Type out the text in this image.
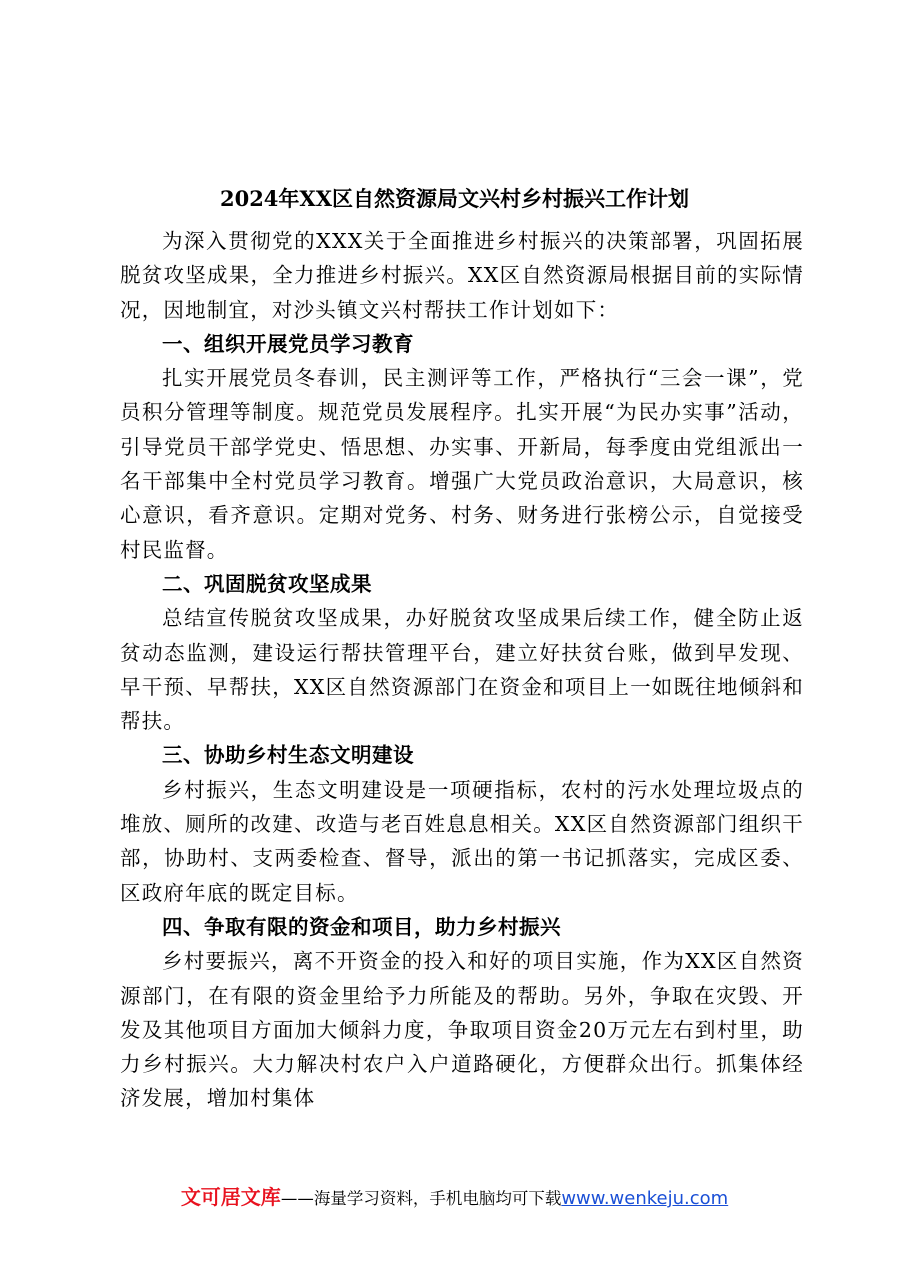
2024年XX区自然资源局文兴村乡村振兴工作计划

为深入贯彻党的XXX关于全面推进乡村振兴的决策部署，巩固拓展脱贫攻坚成果，全力推进乡村振兴。XX区自然资源局根据目前的实际情况，因地制宜，对沙头镇文兴村帮扶工作计划如下：

一、组织开展党员学习教育

扎实开展党员冬春训，民主测评等工作，严格执行“三会一课”，党员积分管理等制度。规范党员发展程序。扎实开展“为民办实事”活动，引导党员干部学党史、悟思想、办实事、开新局，每季度由党组派出一名干部集中全村党员学习教育。增强广大党员政治意识，大局意识，核心意识，看齐意识。定期对党务、村务、财务进行张榜公示，自觉接受村民监督。

二、巩固脱贫攻坚成果

总结宣传脱贫攻坚成果，办好脱贫攻坚成果后续工作，健全防止返贫动态监测，建设运行帮扶管理平台，建立好扶贫台账，做到早发现、早干预、早帮扶，XX区自然资源部门在资金和项目上一如既往地倾斜和帮扶。

三、协助乡村生态文明建设

乡村振兴，生态文明建设是一项硬指标，农村的污水处理垃圾点的堆放、厕所的改建、改造与老百姓息息相关。XX区自然资源部门组织干部，协助村、支两委检查、督导，派出的第一书记抓落实，完成区委、区政府年底的既定目标。

四、争取有限的资金和项目，助力乡村振兴

乡村要振兴，离不开资金的投入和好的项目实施，作为XX区自然资源部门，在有限的资金里给予力所能及的帮助。另外，争取在灾毁、开发及其他项目方面加大倾斜力度，争取项目资金20万元左右到村里，助力乡村振兴。大力解决村农户入户道路硬化，方便群众出行。抓集体经济发展，增加村集体

文可居文库——海量学习资料，手机电脑均可下载www.wenkeju.com
